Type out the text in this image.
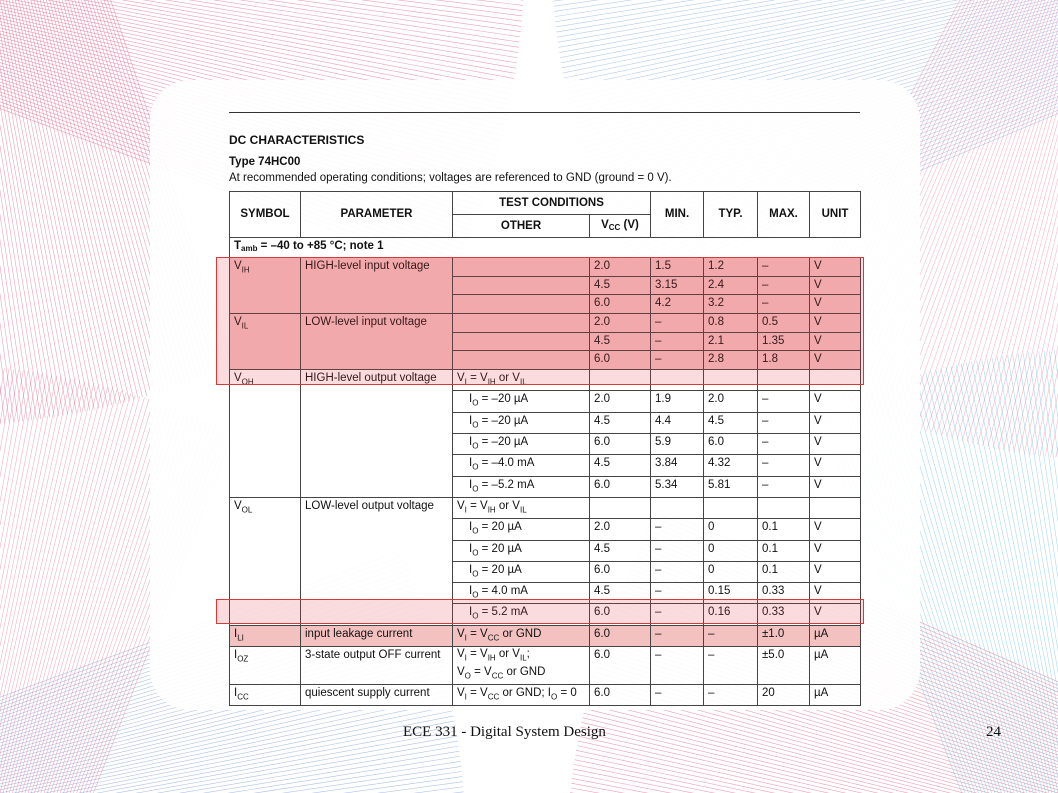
DC CHARACTERISTICS
Type 74HC00
At recommended operating conditions; voltages are referenced to GND (ground = 0 V).
SYMBOL	PARAMETER	TEST CONDITIONS		MIN.	TYP.	MAX.	UNIT
		OTHER	$V_{CC}$ (V)				
$T_{amb} = -40$ to +85 °C; note 1							
$V_{IH}$	HIGH-level input voltage		2.0	1.5	1.2	–	V
			4.5	3.15	2.4	–	V
			6.0	4.2	3.2	–	V
$V_{IL}$	LOW-level input voltage		2.0	–	0.8	0.5	V
			4.5	–	2.1	1.35	V
			6.0	–	2.8	1.8	V
$V_{OH}$	HIGH-level output voltage	$V_I = V_{IH}$ or $V_{IL}$					
		$I_O = -20$ µA	2.0	1.9	2.0	–	V
		$I_O = -20$ µA	4.5	4.4	4.5	–	V
		$I_O = -20$ µA	6.0	5.9	6.0	–	V
		$I_O = -4.0$ mA	4.5	3.84	4.32	–	V
		$I_O = -5.2$ mA	6.0	5.34	5.81	–	V
$V_{OL}$	LOW-level output voltage	$V_I = V_{IH}$ or $V_{IL}$					
		$I_O = 20$ µA	2.0	–	0	0.1	V
		$I_O = 20$ µA	4.5	–	0	0.1	V
		$I_O = 20$ µA	6.0	–	0	0.1	V
		$I_O = 4.0$ mA	4.5	–	0.15	0.33	V
		$I_O = 5.2$ mA	6.0	–	0.16	0.33	V
$I_{LI}$	input leakage current	$V_I = V_{CC}$ or GND	6.0	–	–	±1.0	µA
$I_{OZ}$	3-state output OFF current	$V_I = V_{IH}$ or $V_{IL}$;
$V_O = V_{CC}$ or GND	6.0	–	–	±5.0	µA
$I_{CC}$	quiescent supply current	$V_I = V_{CC}$ or GND; $I_O = 0$	6.0	–	–	20	µA
ECE 331 - Digital System Design	24
